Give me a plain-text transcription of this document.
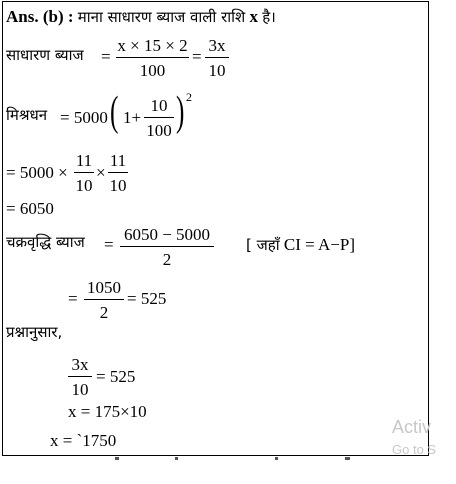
Ans. (b) : माना साधारण ब्याज वाली राशि x है।
साधारण ब्याज =
x × 15 × 2
100
=
3x
10
मिश्रधन = 5000 ( 1+
10
100 ) 2
= 5000 ×
11
10
×
11
10
= 6050
चक्रवृद्धि ब्याज =
6050 − 5000
2
[ जहाँ CI = A−P]
=
1050
2
= 525
प्रश्नानुसार,
3x
10
= 525
x = 175×10
x = `1750
Activ
Go to S
